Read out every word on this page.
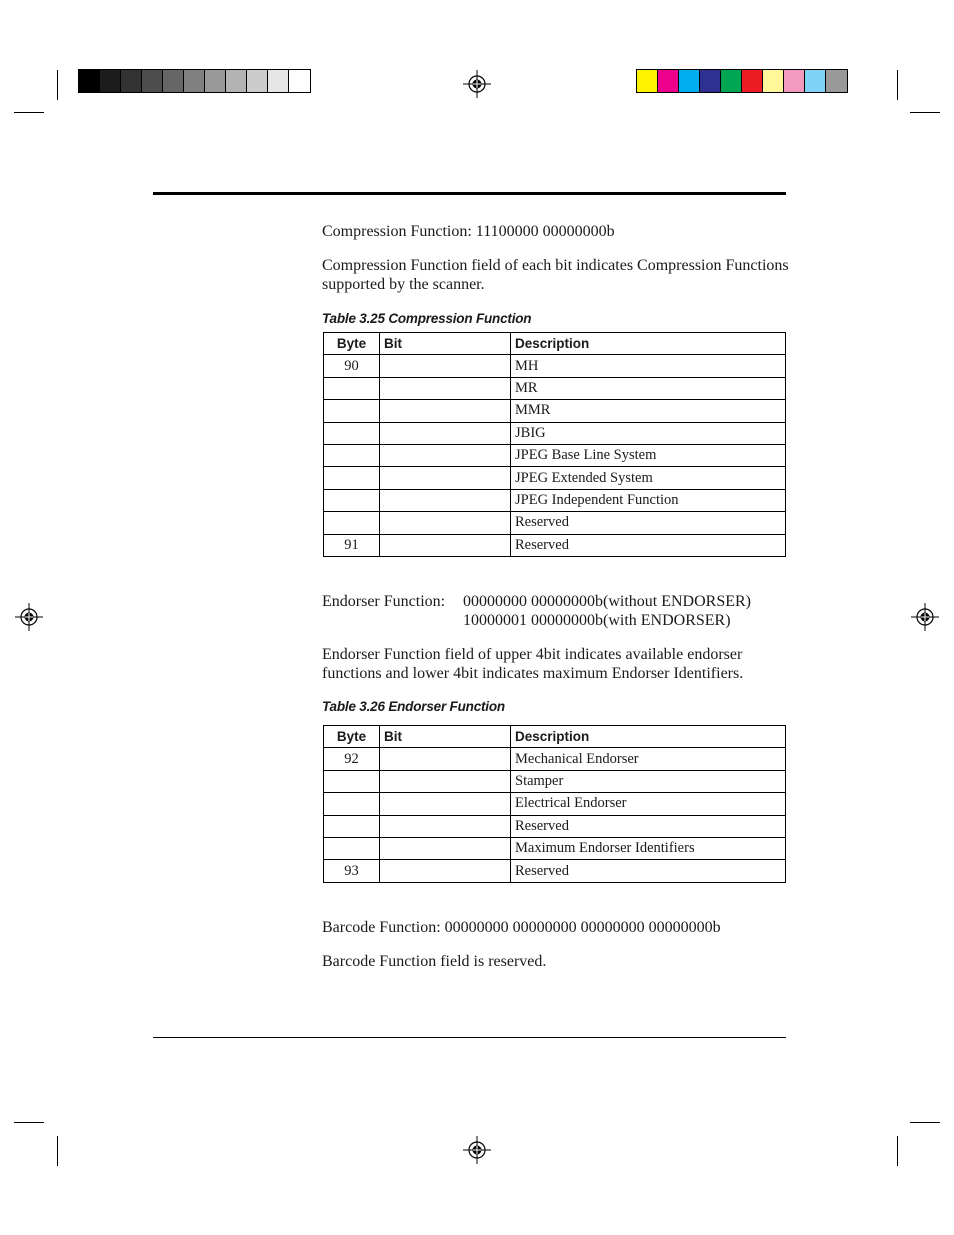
Compression Function: 11100000 00000000b
Compression Function field of each bit indicates Compression Functions supported by the scanner.
Table 3.25 Compression Function
Byte	Bit	Description
90		MH
		MR
		MMR
		JBIG
		JPEG Base Line System
		JPEG Extended System
		JPEG Independent Function
		Reserved
91		Reserved
Endorser Function: 00000000 00000000b(without ENDORSER)
10000001 00000000b(with ENDORSER)
Endorser Function field of upper 4bit indicates available endorser functions and lower 4bit indicates maximum Endorser Identifiers.
Table 3.26 Endorser Function
Byte	Bit	Description
92		Mechanical Endorser
		Stamper
		Electrical Endorser
		Reserved
		Maximum Endorser Identifiers
93		Reserved
Barcode Function: 00000000 00000000 00000000 00000000b
Barcode Function field is reserved.
